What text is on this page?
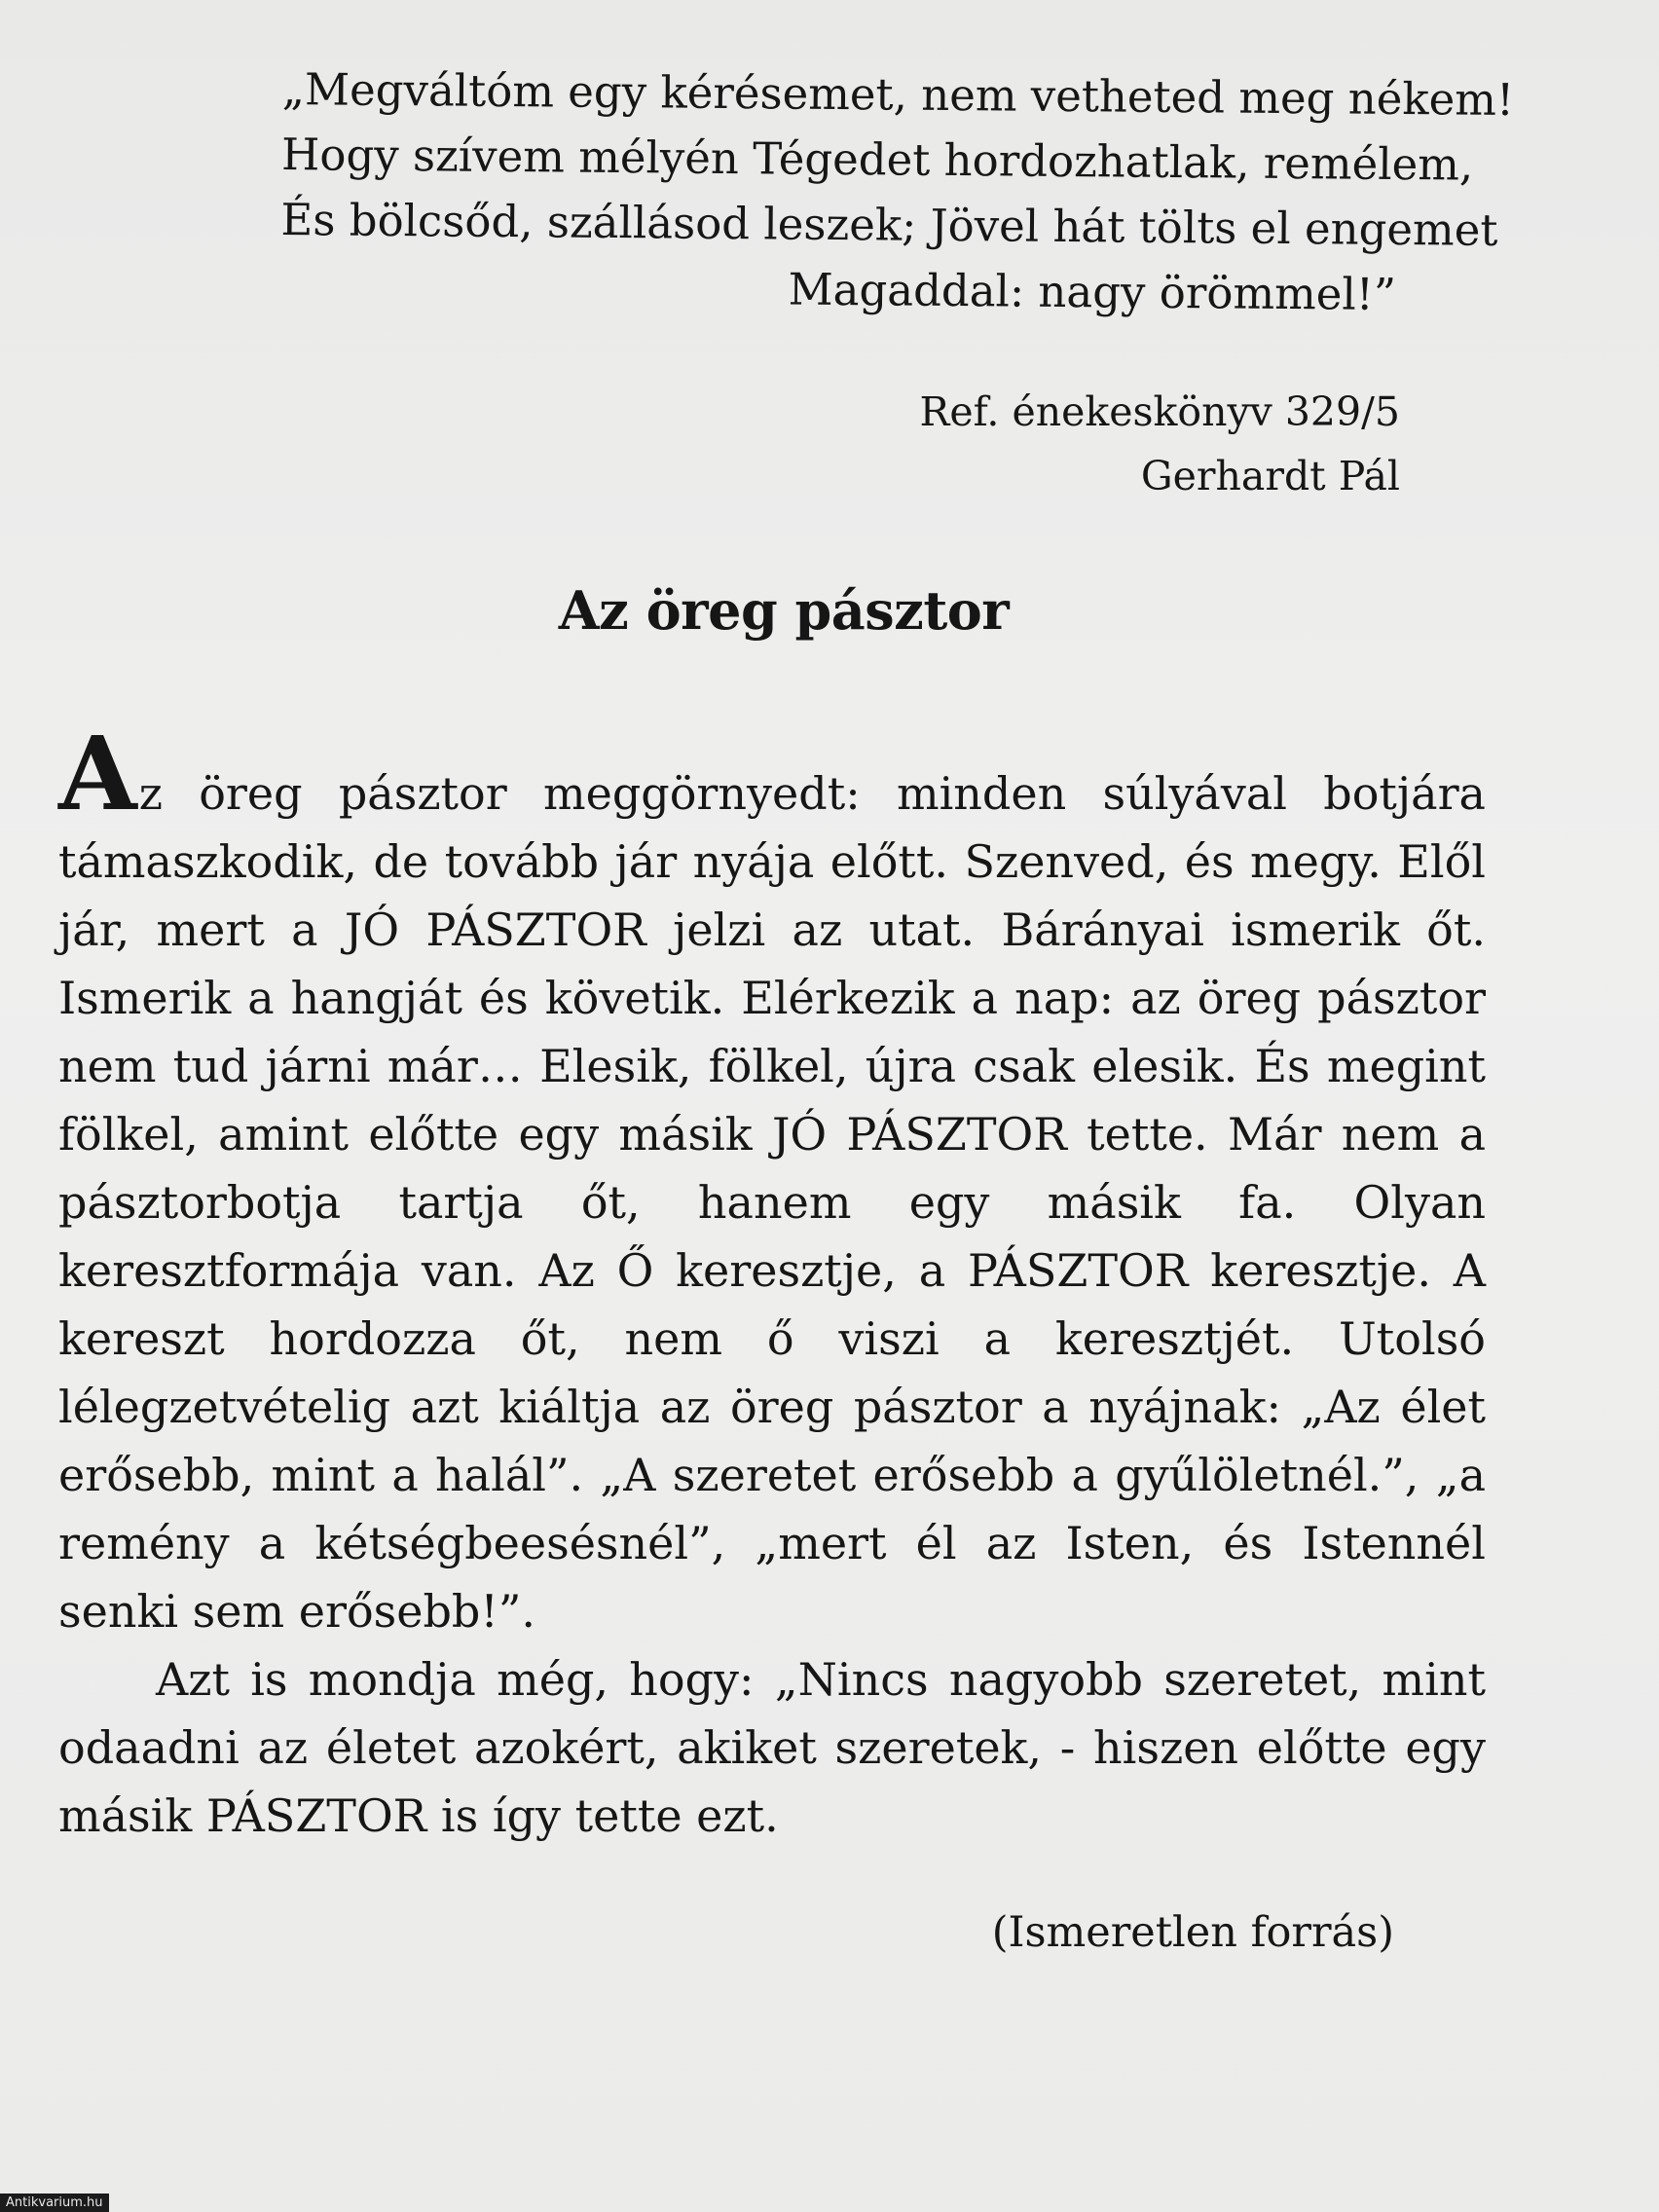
„Megváltóm egy kérésemet, nem vetheted meg nékem!
Hogy szívem mélyén Tégedet hordozhatlak, remélem,
És bölcsőd, szállásod leszek; Jövel hát tölts el engemet
Magaddal: nagy örömmel!”
Ref. énekeskönyv 329/5
Gerhardt Pál
Az öreg pásztor

Az öreg pásztor meggörnyedt: minden súlyával botjára támaszkodik, de tovább jár nyája előtt. Szenved, és megy. Elől jár, mert a JÓ PÁSZTOR jelzi az utat. Bárányai ismerik őt. Ismerik a hangját és követik. Elérkezik a nap: az öreg pásztor nem tud járni már… Elesik, fölkel, újra csak elesik. És megint fölkel, amint előtte egy másik JÓ PÁSZTOR tette. Már nem a pásztorbotja tartja őt, hanem egy másik fa. Olyan keresztformája van. Az Ő keresztje, a PÁSZTOR keresztje. A kereszt hordozza őt, nem ő viszi a keresztjét. Utolsó lélegzetvételig azt kiáltja az öreg pásztor a nyájnak: „Az élet erősebb, mint a halál”. „A szeretet erősebb a gyűlöletnél.”, „a remény a kétségbeesésnél”, „mert él az Isten, és Istennél senki sem erősebb!”.

Azt is mondja még, hogy: „Nincs nagyobb szeretet, mint odaadni az életet azokért, akiket szeretek, - hiszen előtte egy másik PÁSZTOR is így tette ezt.

(Ismeretlen forrás)
Antikvarium.hu
